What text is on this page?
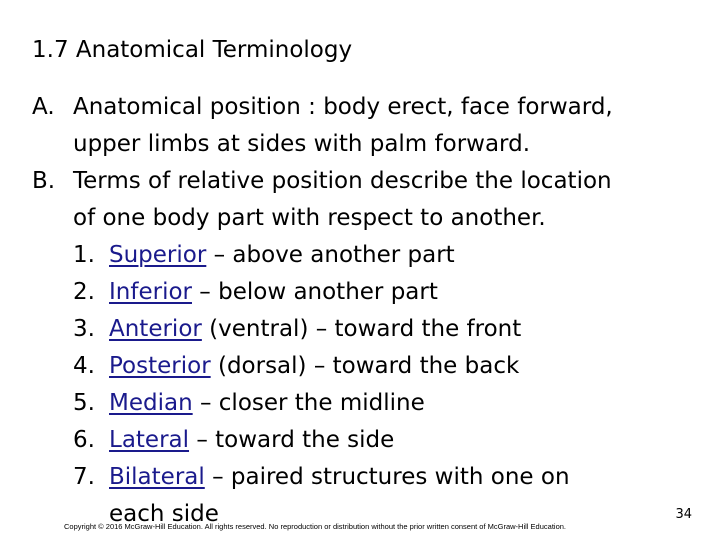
1.7 Anatomical Terminology
A. Anatomical position : body erect, face forward,
upper limbs at sides with palm forward.
B. Terms of relative position describe the location
of one body part with respect to another.
1. Superior – above another part
2. Inferior – below another part
3. Anterior (ventral) – toward the front
4. Posterior (dorsal) – toward the back
5. Median – closer the midline
6. Lateral – toward the side
7. Bilateral – paired structures with one on
each side	34
Copyright © 2016 McGraw-Hill Education. All rights reserved. No reproduction or distribution without the prior written consent of McGraw-Hill Education.
